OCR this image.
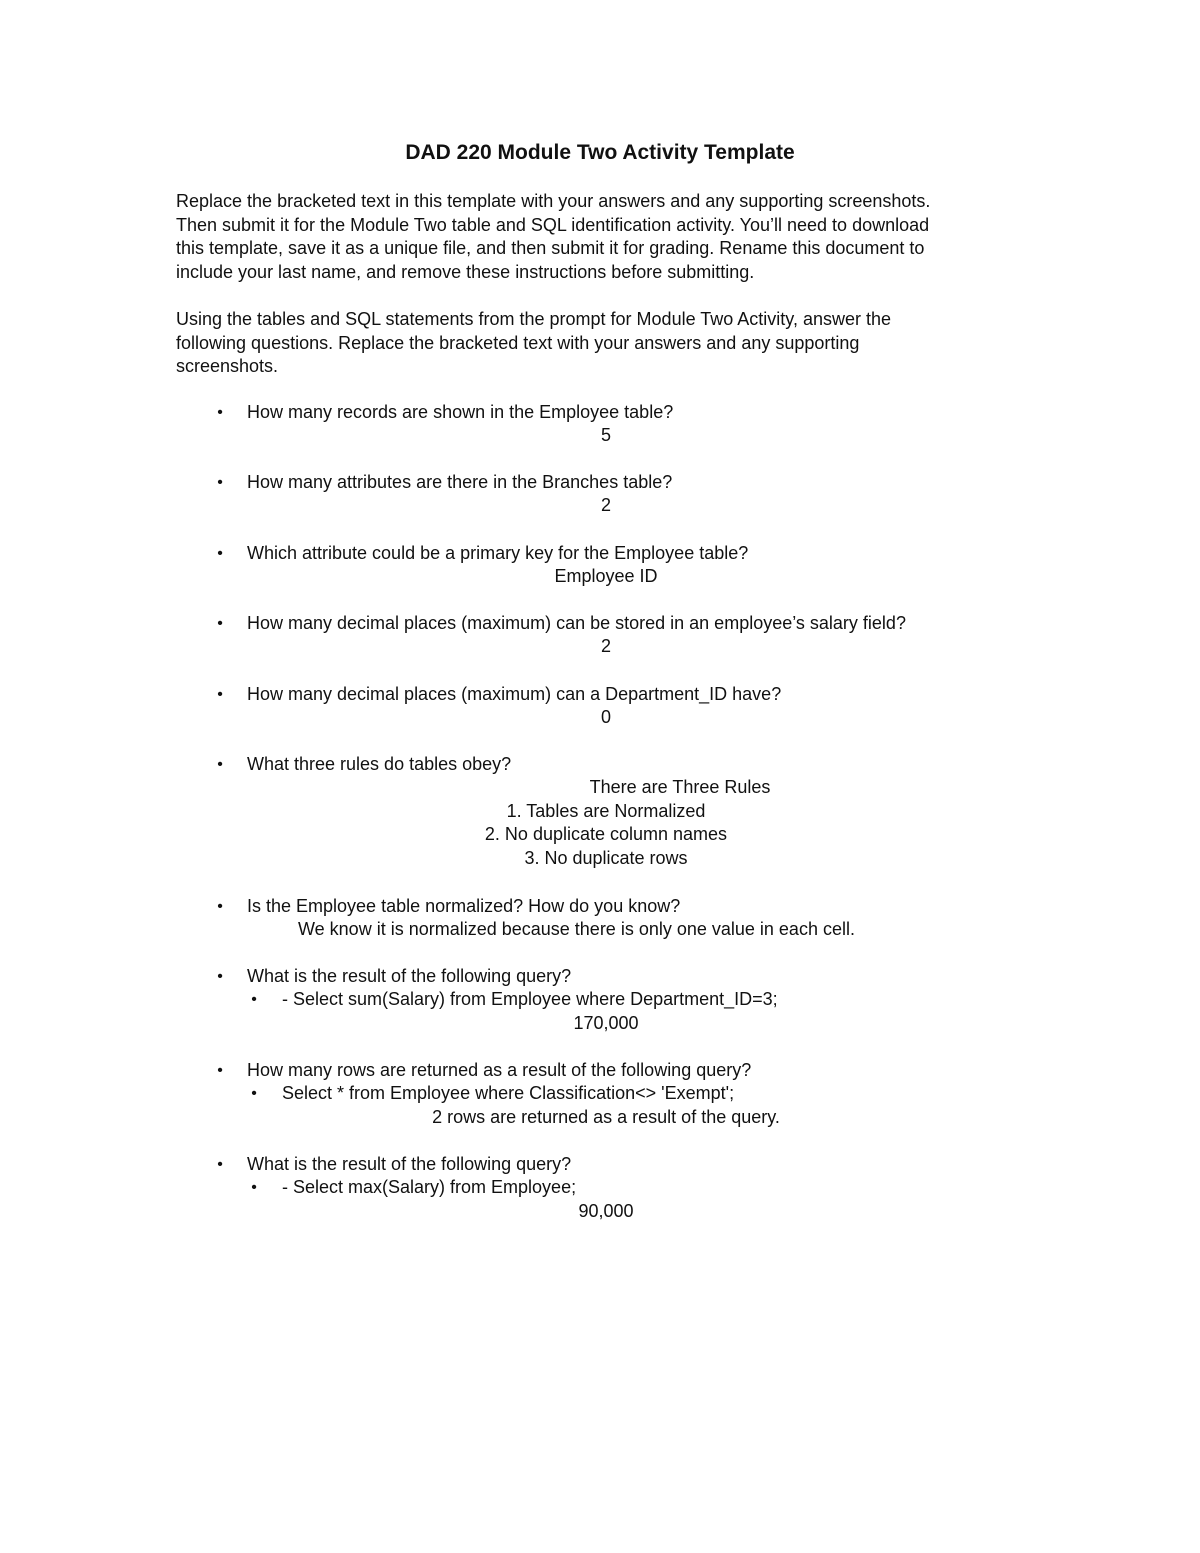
DAD 220 Module Two Activity Template

Replace the bracketed text in this template with your answers and any supporting screenshots.

Then submit it for the Module Two table and SQL identification activity. You’ll need to download

this template, save it as a unique file, and then submit it for grading. Rename this document to

include your last name, and remove these instructions before submitting.

Using the tables and SQL statements from the prompt for Module Two Activity, answer the

following questions. Replace the bracketed text with your answers and any supporting

screenshots.

•	How many records are shown in the Employee table?
5
•	How many attributes are there in the Branches table?
2
•	Which attribute could be a primary key for the Employee table?
Employee ID
•	How many decimal places (maximum) can be stored in an employee’s salary field?
2
•	How many decimal places (maximum) can a Department_ID have?
0
•	What three rules do tables obey?
There are Three Rules
1. Tables are Normalized
2. No duplicate column names
3. No duplicate rows
•	Is the Employee table normalized? How do you know?
We know it is normalized because there is only one value in each cell.
•	What is the result of the following query?
•	- Select sum(Salary) from Employee where Department_ID=3;
170,000
•	How many rows are returned as a result of the following query?
•	Select * from Employee where Classification<> 'Exempt';
2 rows are returned as a result of the query.
•	What is the result of the following query?
•	- Select max(Salary) from Employee;
90,000
